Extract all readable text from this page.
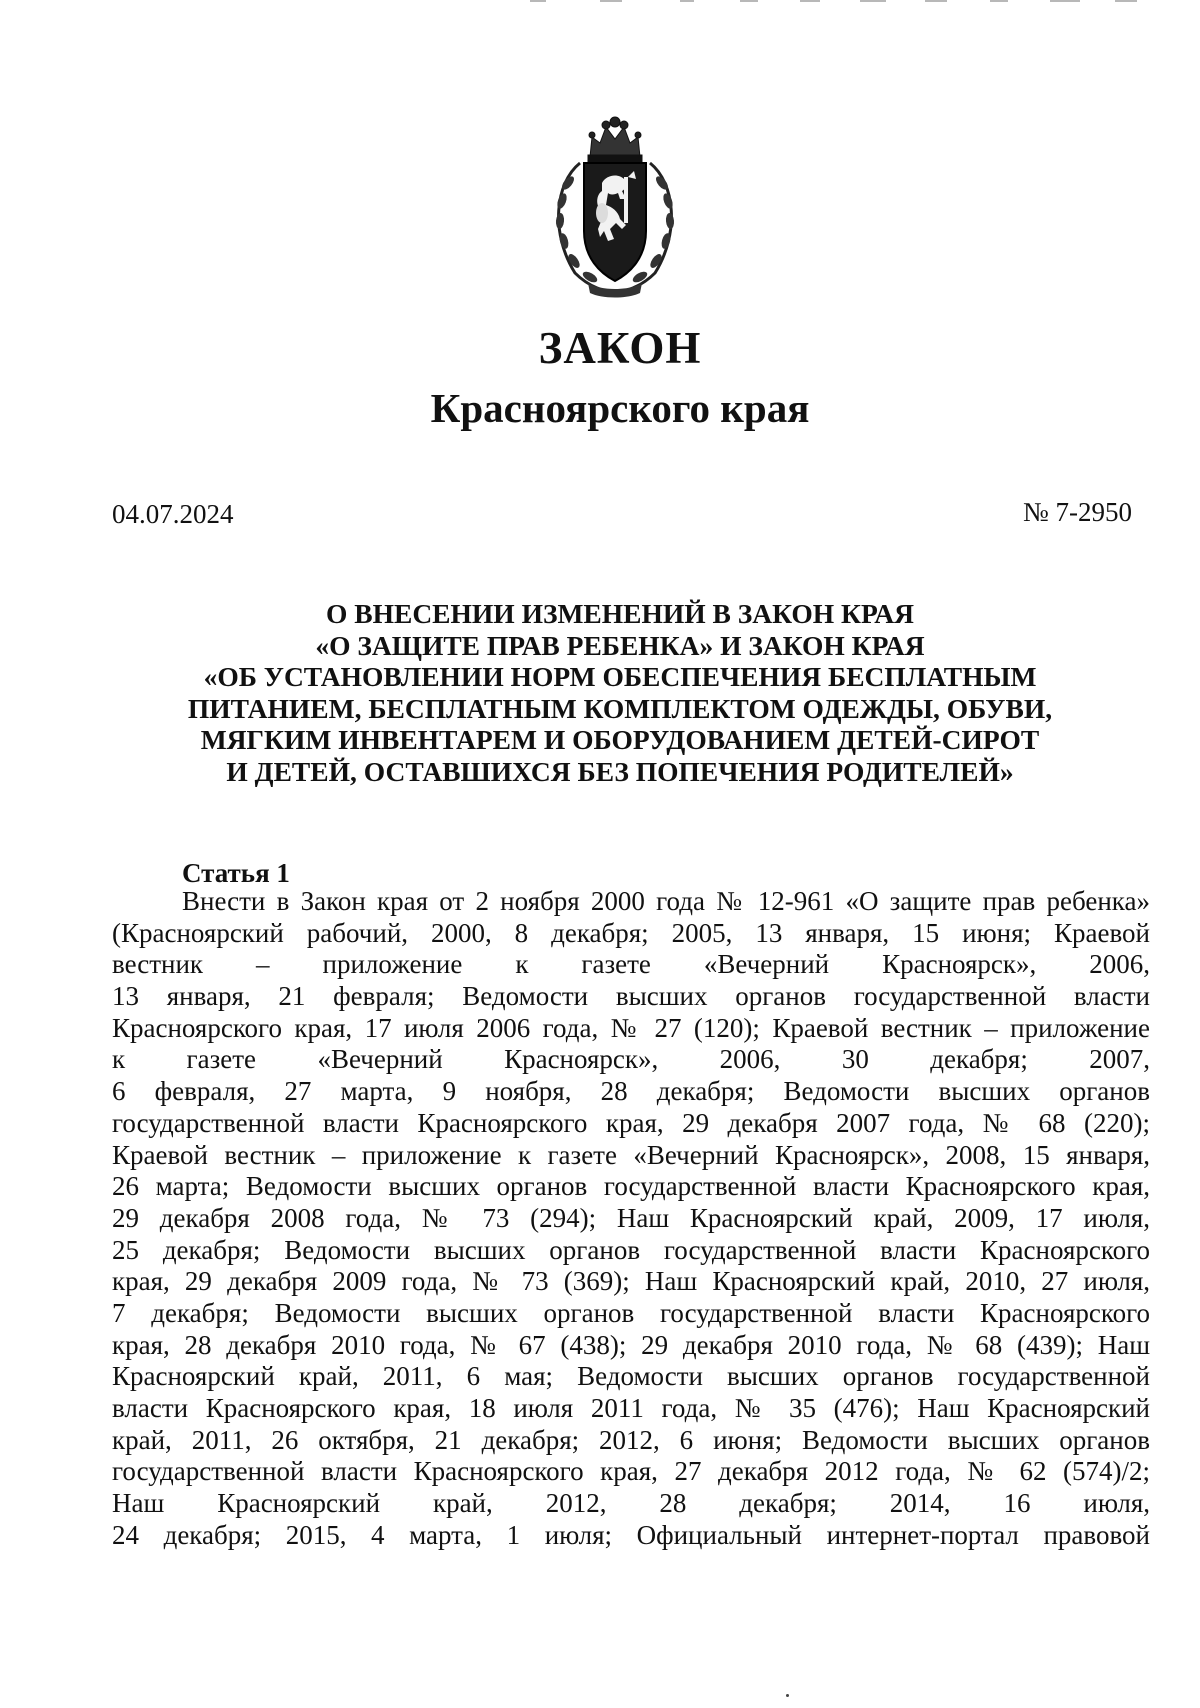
ЗАКОН
Красноярского края
04.07.2024	№ 7-2950
О ВНЕСЕНИИ ИЗМЕНЕНИЙ В ЗАКОН КРАЯ
«О ЗАЩИТЕ ПРАВ РЕБЕНКА» И ЗАКОН КРАЯ
«ОБ УСТАНОВЛЕНИИ НОРМ ОБЕСПЕЧЕНИЯ БЕСПЛАТНЫМ
ПИТАНИЕМ, БЕСПЛАТНЫМ КОМПЛЕКТОМ ОДЕЖДЫ, ОБУВИ,
МЯГКИМ ИНВЕНТАРЕМ И ОБОРУДОВАНИЕМ ДЕТЕЙ-СИРОТ
И ДЕТЕЙ, ОСТАВШИХСЯ БЕЗ ПОПЕЧЕНИЯ РОДИТЕЛЕЙ»
Статья 1
Внести в Закон края от 2 ноября 2000 года № 12-961 «О защите прав ребенка»
(Красноярский рабочий, 2000, 8 декабря; 2005, 13 января, 15 июня; Краевой
вестник – приложение к газете «Вечерний Красноярск», 2006,
13 января, 21 февраля; Ведомости высших органов государственной власти
Красноярского края, 17 июля 2006 года, № 27 (120); Краевой вестник – приложение
к газете «Вечерний Красноярск», 2006, 30 декабря; 2007,
6 февраля, 27 марта, 9 ноября, 28 декабря; Ведомости высших органов
государственной власти Красноярского края, 29 декабря 2007 года, № 68 (220);
Краевой вестник – приложение к газете «Вечерний Красноярск», 2008, 15 января,
26 марта; Ведомости высших органов государственной власти Красноярского края,
29 декабря 2008 года, № 73 (294); Наш Красноярский край, 2009, 17 июля,
25 декабря; Ведомости высших органов государственной власти Красноярского
края, 29 декабря 2009 года, № 73 (369); Наш Красноярский край, 2010, 27 июля,
7 декабря; Ведомости высших органов государственной власти Красноярского
края, 28 декабря 2010 года, № 67 (438); 29 декабря 2010 года, № 68 (439); Наш
Красноярский край, 2011, 6 мая; Ведомости высших органов государственной
власти Красноярского края, 18 июля 2011 года, № 35 (476); Наш Красноярский
край, 2011, 26 октября, 21 декабря; 2012, 6 июня; Ведомости высших органов
государственной власти Красноярского края, 27 декабря 2012 года, № 62 (574)/2;
Наш Красноярский край, 2012, 28 декабря; 2014, 16 июля,
24 декабря; 2015, 4 марта, 1 июля; Официальный интернет-портал правовой
